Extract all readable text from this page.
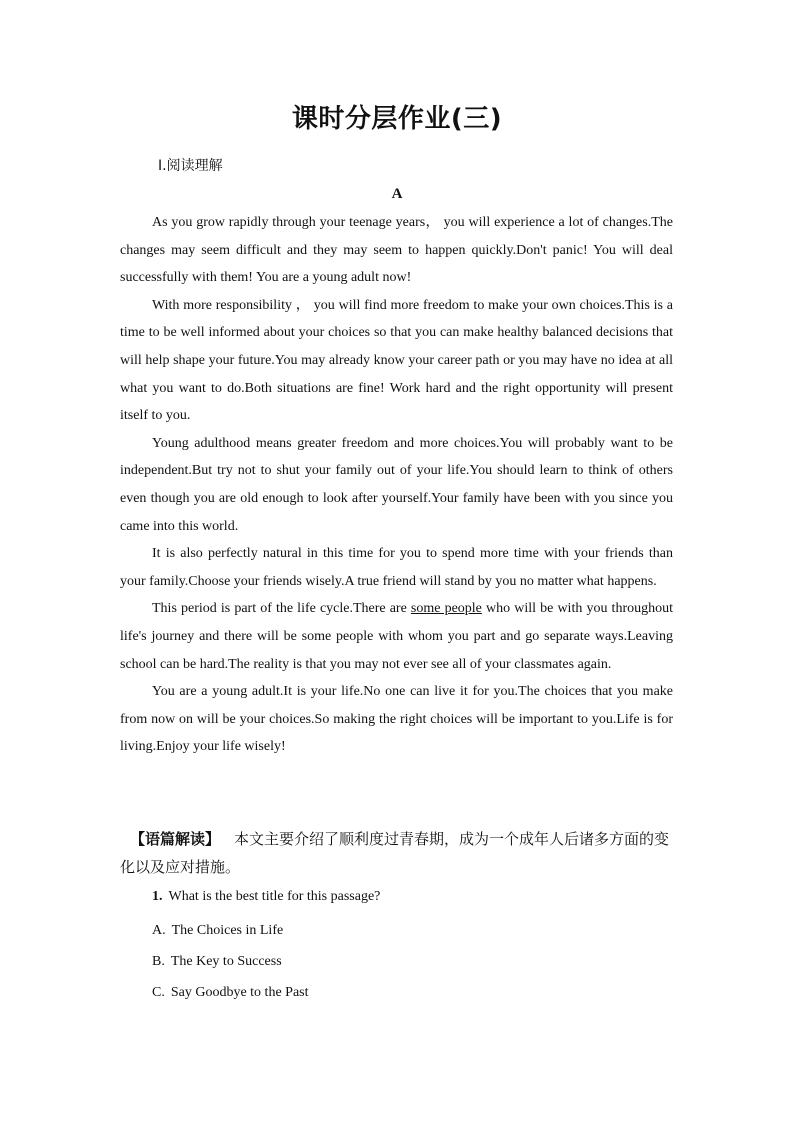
课时分层作业(三)
Ⅰ.阅读理解
A

As you grow rapidly through your teenage years， you will experience a lot of changes.The changes may seem difficult and they may seem to happen quickly.Don't panic! You will deal successfully with them! You are a young adult now!

With more responsibility ， you will find more freedom to make your own choices.This is a time to be well informed about your choices so that you can make healthy balanced decisions that will help shape your future.You may already know your career path or you may have no idea at all what you want to do.Both situations are fine! Work hard and the right opportunity will present itself to you.

Young adulthood means greater freedom and more choices.You will probably want to be independent.But try not to shut your family out of your life.You should learn to think of others even though you are old enough to look after yourself.Your family have been with you since you came into this world.

It is also perfectly natural in this time for you to spend more time with your friends than your family.Choose your friends wisely.A true friend will stand by you no matter what happens.

This period is part of the life cycle.There are some people who will be with you throughout life's journey and there will be some people with whom you part and go separate ways.Leaving school can be hard.The reality is that you may not ever see all of your classmates again.

You are a young adult.It is your life.No one can live it for you.The choices that you make from now on will be your choices.So making the right choices will be important to you.Life is for living.Enjoy your life wisely!

【语篇解读】 本文主要介绍了顺利度过青春期，成为一个成年人后诸多方面的变化以及应对措施。
1. What is the best title for this passage?
A. The Choices in Life
B. The Key to Success
C. Say Goodbye to the Past
